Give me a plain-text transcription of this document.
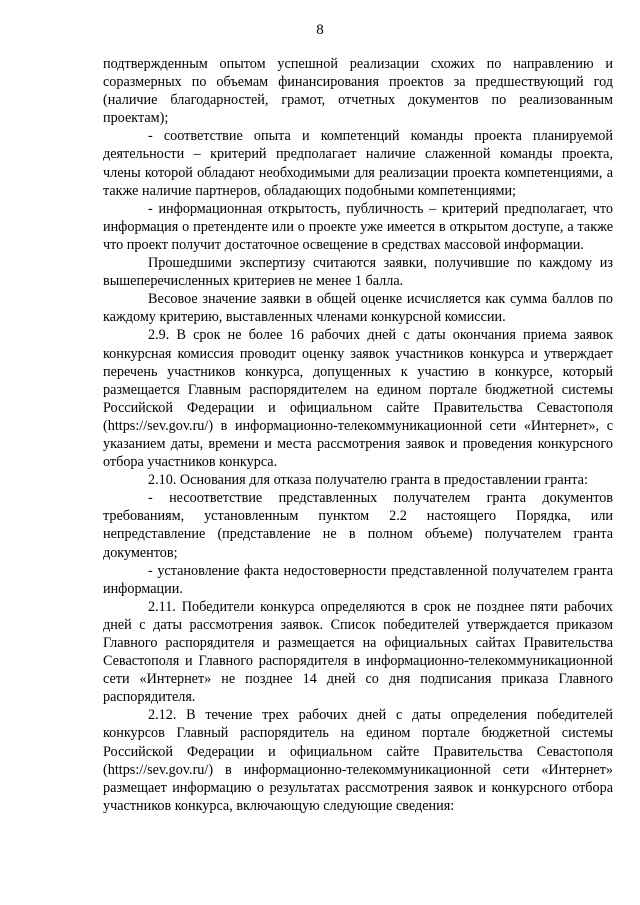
8

подтвержденным опытом успешной реализации схожих по направлению и соразмерных по объемам финансирования проектов за предшествующий год (наличие благодарностей, грамот, отчетных документов по реализованным проектам);

- соответствие опыта и компетенций команды проекта планируемой деятельности – критерий предполагает наличие слаженной команды проекта, члены которой обладают необходимыми для реализации проекта компетенциями, а также наличие партнеров, обладающих подобными компетенциями;

- информационная открытость, публичность – критерий предполагает, что информация о претенденте или о проекте уже имеется в открытом доступе, а также что проект получит достаточное освещение в средствах массовой информации.

Прошедшими экспертизу считаются заявки, получившие по каждому из вышеперечисленных критериев не менее 1 балла.

Весовое значение заявки в общей оценке исчисляется как сумма баллов по каждому критерию, выставленных членами конкурсной комиссии.

2.9. В срок не более 16 рабочих дней с даты окончания приема заявок конкурсная комиссия проводит оценку заявок участников конкурса и утверждает перечень участников конкурса, допущенных к участию в конкурсе, который размещается Главным распорядителем на едином портале бюджетной системы Российской Федерации и официальном сайте Правительства Севастополя (https://sev.gov.ru/) в информационно-телекоммуникационной сети «Интернет», с указанием даты, времени и места рассмотрения заявок и проведения конкурсного отбора участников конкурса.

2.10. Основания для отказа получателю гранта в предоставлении гранта:

- несоответствие представленных получателем гранта документов требованиям, установленным пунктом 2.2 настоящего Порядка, или непредставление (представление не в полном объеме) получателем гранта документов;

- установление факта недостоверности представленной получателем гранта информации.

2.11. Победители конкурса определяются в срок не позднее пяти рабочих дней с даты рассмотрения заявок. Список победителей утверждается приказом Главного распорядителя и размещается на официальных сайтах Правительства Севастополя и Главного распорядителя в информационно-телекоммуникационной сети «Интернет» не позднее 14 дней со дня подписания приказа Главного распорядителя.

2.12. В течение трех рабочих дней с даты определения победителей конкурсов Главный распорядитель на едином портале бюджетной системы Российской Федерации и официальном сайте Правительства Севастополя (https://sev.gov.ru/) в информационно-телекоммуникационной сети «Интернет» размещает информацию о результатах рассмотрения заявок и конкурсного отбора участников конкурса, включающую следующие сведения:
